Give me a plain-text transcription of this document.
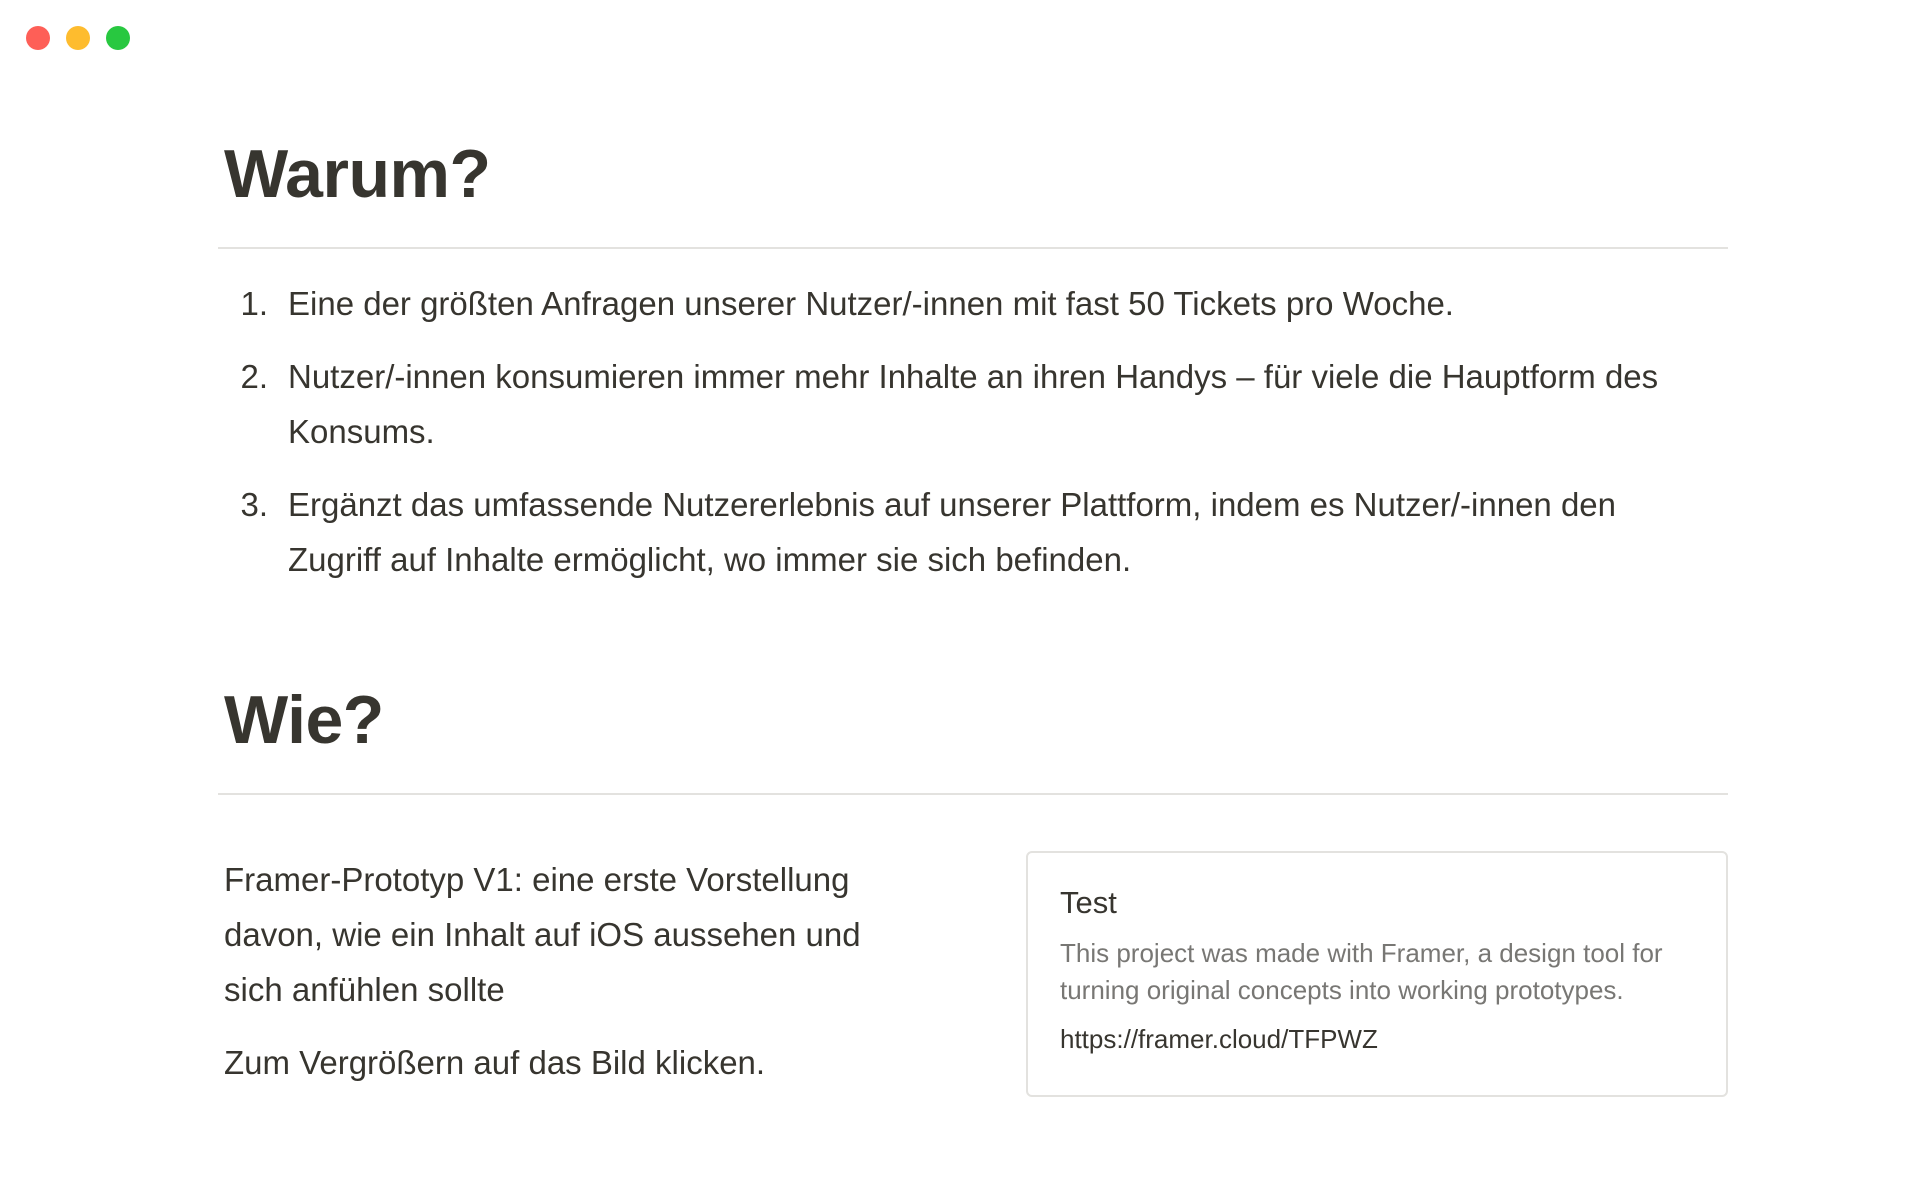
Warum?
1. Eine der größten Anfragen unserer Nutzer/-innen mit fast 50 Tickets pro Woche.
2. Nutzer/-innen konsumieren immer mehr Inhalte an ihren Handys – für viele die Hauptform des Konsums.
3. Ergänzt das umfassende Nutzererlebnis auf unserer Plattform, indem es Nutzer/-innen den Zugriff auf Inhalte ermöglicht, wo immer sie sich befinden.
Wie?

Framer-Prototyp V1: eine erste Vorstellung davon, wie ein Inhalt auf iOS aussehen und sich anfühlen sollte

Zum Vergrößern auf das Bild klicken.

Test
This project was made with Framer, a design tool for turning original concepts into working prototypes.
https://framer.cloud/TFPWZ
